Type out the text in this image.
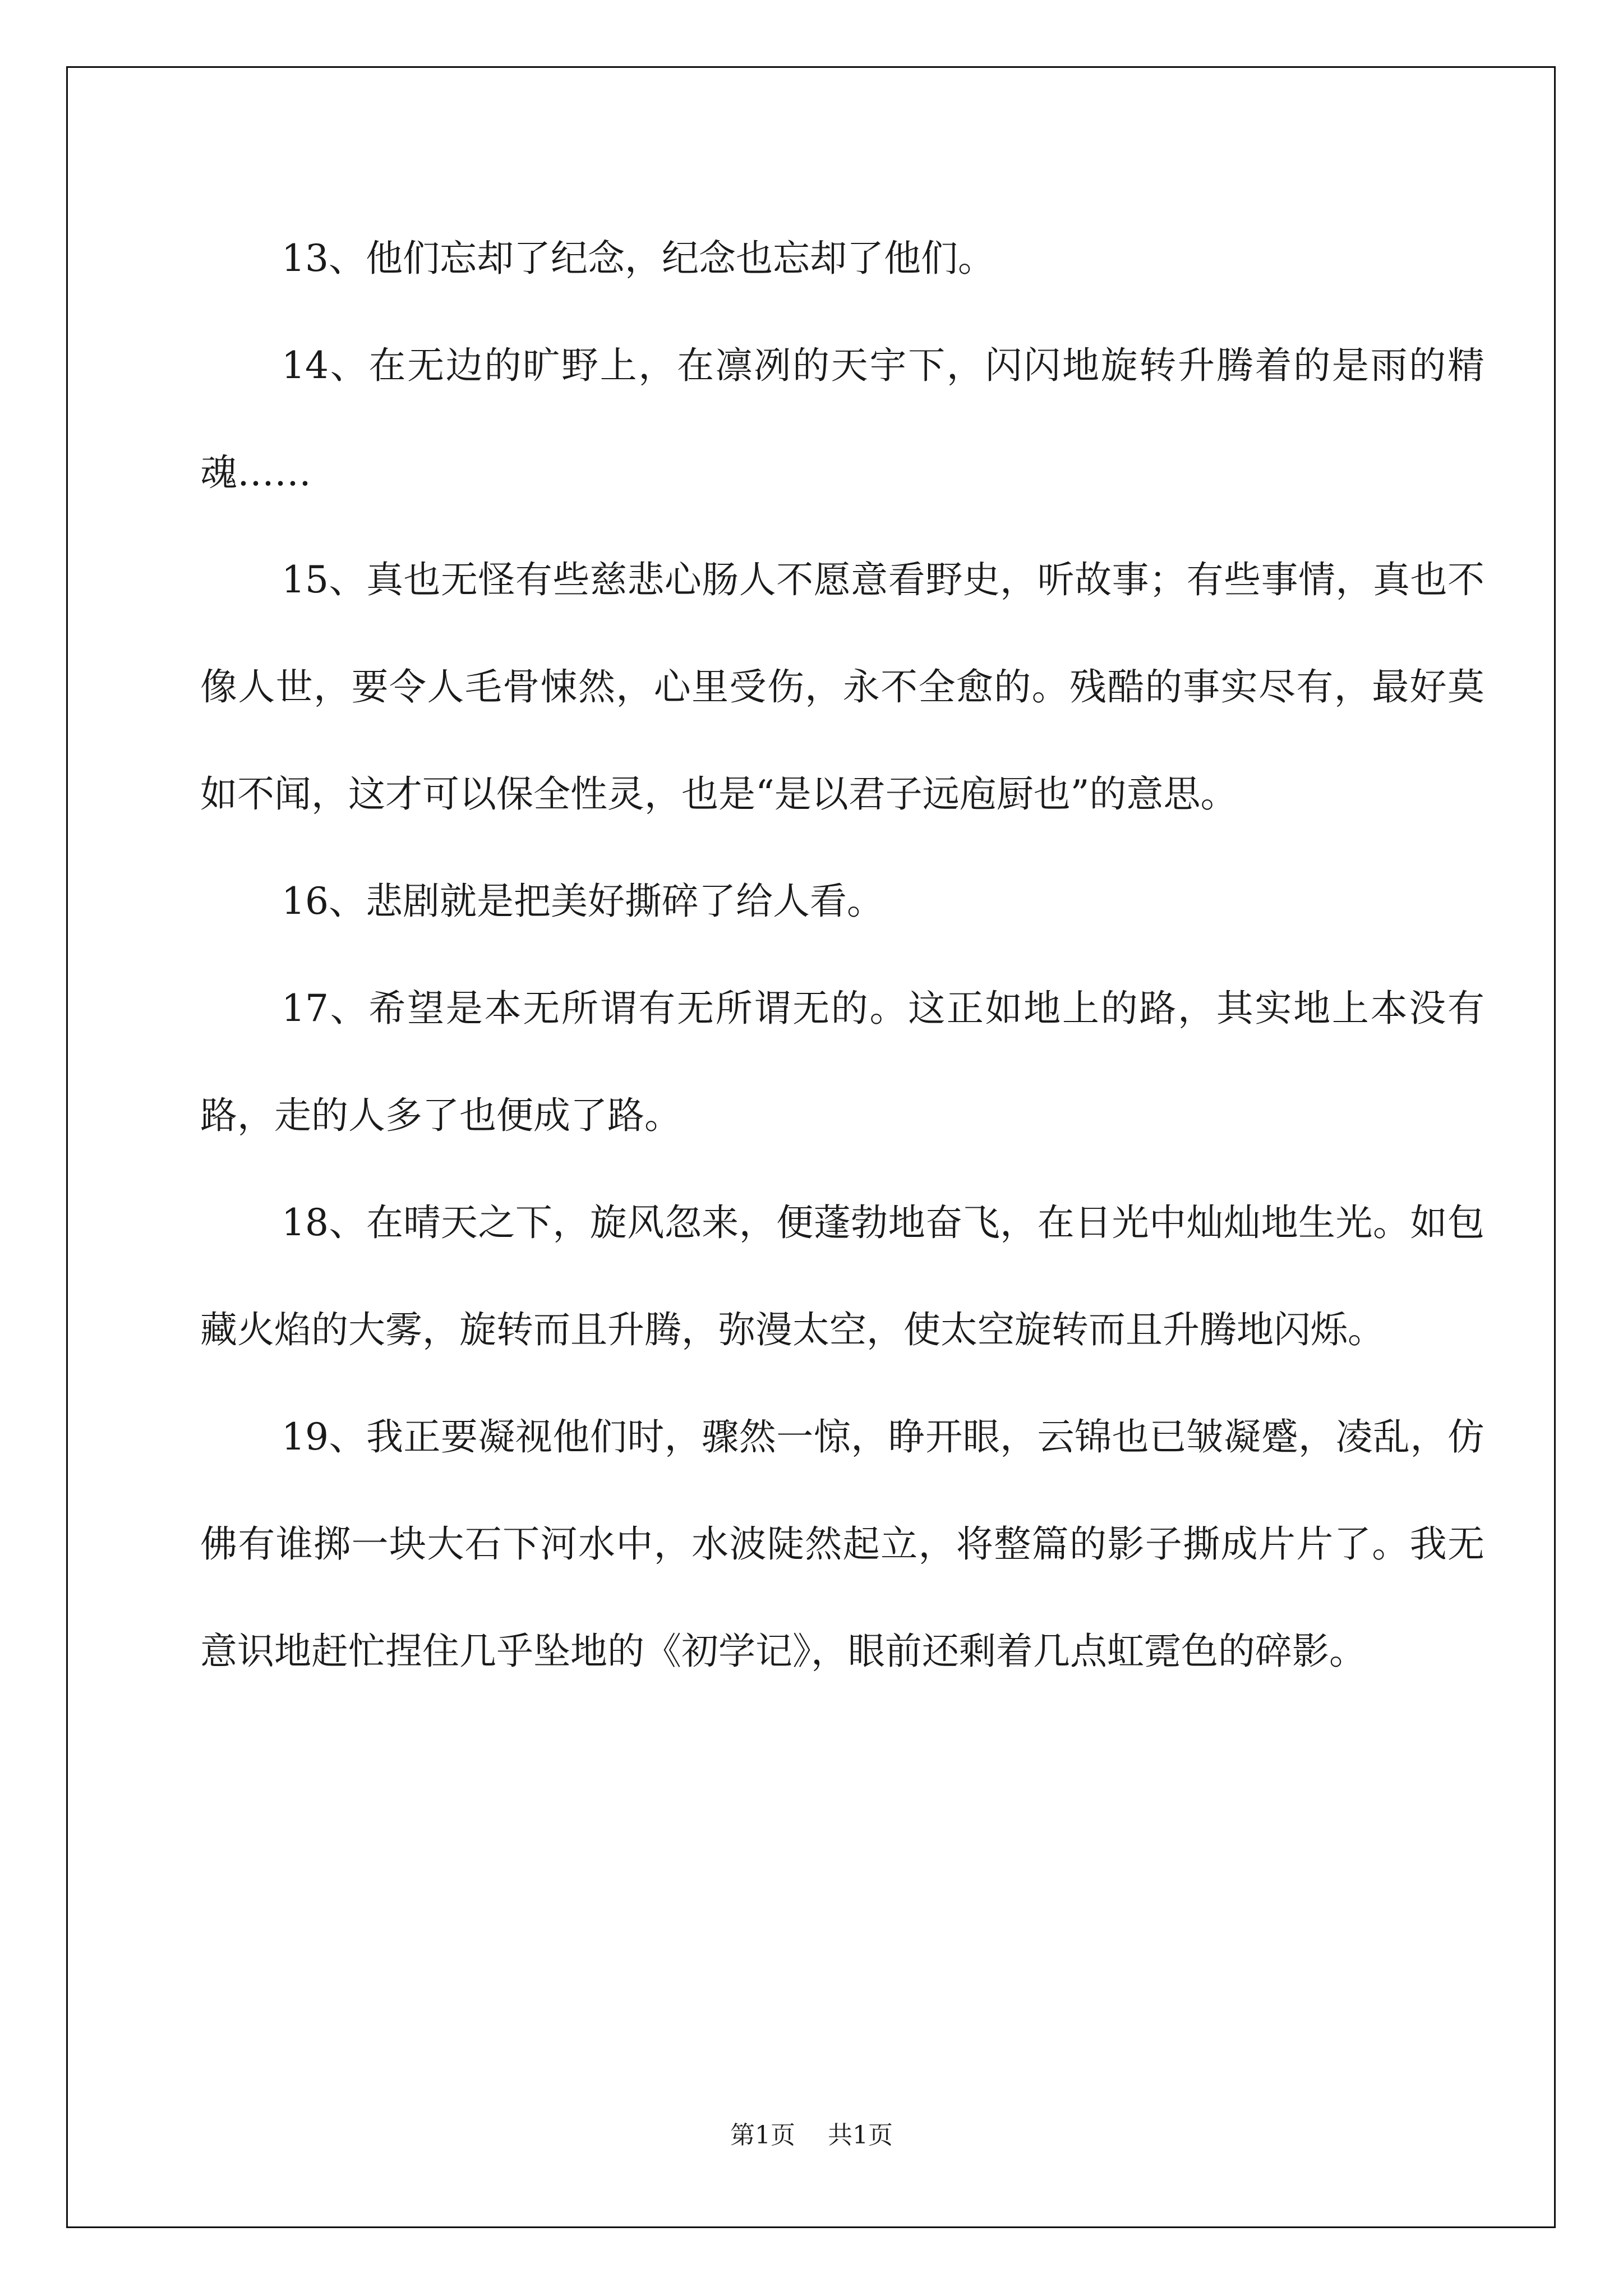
13、他们忘却了纪念，纪念也忘却了他们。

14、在无边的旷野上，在凛冽的天宇下，闪闪地旋转升腾着的是雨的精魂……

15、真也无怪有些慈悲心肠人不愿意看野史，听故事；有些事情，真也不像人世，要令人毛骨悚然，心里受伤，永不全愈的。残酷的事实尽有，最好莫如不闻，这才可以保全性灵，也是“是以君子远庖厨也”的意思。

16、悲剧就是把美好撕碎了给人看。

17、希望是本无所谓有无所谓无的。这正如地上的路，其实地上本没有路，走的人多了也便成了路。

18、在晴天之下，旋风忽来，便蓬勃地奋飞，在日光中灿灿地生光。如包藏火焰的大雾，旋转而且升腾，弥漫太空，使太空旋转而且升腾地闪烁。

19、我正要凝视他们时，骤然一惊，睁开眼，云锦也已皱凝蹙，凌乱，仿佛有谁掷一块大石下河水中，水波陡然起立，将整篇的影子撕成片片了。我无意识地赶忙捏住几乎坠地的《初学记》，眼前还剩着几点虹霓色的碎影。

第1页 共1页
